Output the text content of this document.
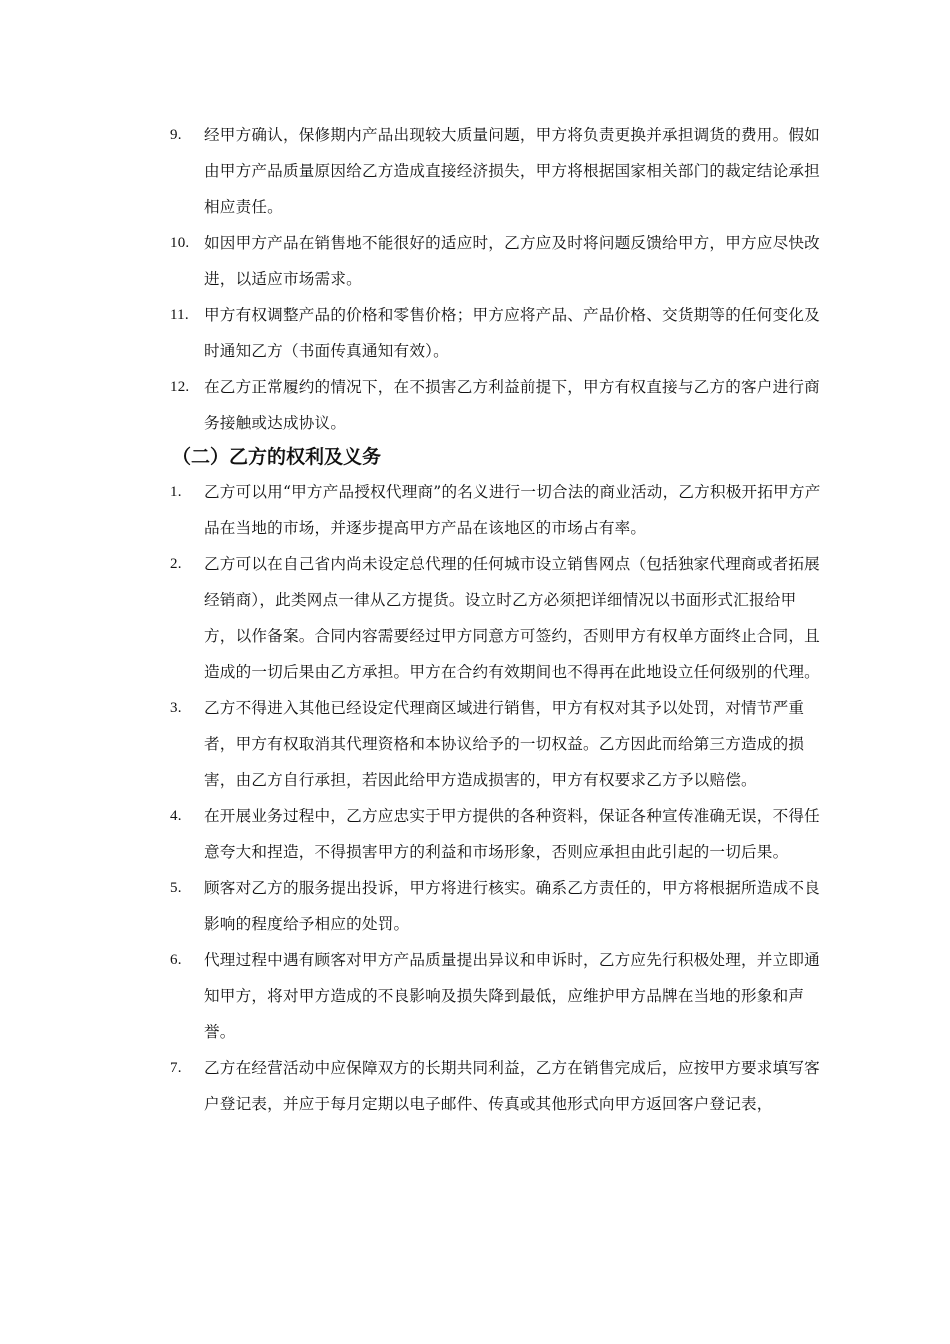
9. 经甲方确认，保修期内产品出现较大质量问题，甲方将负责更换并承担调货的费用。假如由甲方产品质量原因给乙方造成直接经济损失，甲方将根据国家相关部门的裁定结论承担相应责任。
10. 如因甲方产品在销售地不能很好的适应时，乙方应及时将问题反馈给甲方，甲方应尽快改进，以适应市场需求。
11. 甲方有权调整产品的价格和零售价格；甲方应将产品、产品价格、交货期等的任何变化及时通知乙方（书面传真通知有效）。
12. 在乙方正常履约的情况下，在不损害乙方利益前提下，甲方有权直接与乙方的客户进行商务接触或达成协议。
（二）乙方的权利及义务
1. 乙方可以用“甲方产品授权代理商”的名义进行一切合法的商业活动，乙方积极开拓甲方产品在当地的市场，并逐步提高甲方产品在该地区的市场占有率。
2. 乙方可以在自己省内尚未设定总代理的任何城市设立销售网点（包括独家代理商或者拓展经销商），此类网点一律从乙方提货。设立时乙方必须把详细情况以书面形式汇报给甲方，以作备案。合同内容需要经过甲方同意方可签约，否则甲方有权单方面终止合同，且造成的一切后果由乙方承担。甲方在合约有效期间也不得再在此地设立任何级别的代理。
3. 乙方不得进入其他已经设定代理商区域进行销售，甲方有权对其予以处罚，对情节严重者，甲方有权取消其代理资格和本协议给予的一切权益。乙方因此而给第三方造成的损害，由乙方自行承担，若因此给甲方造成损害的，甲方有权要求乙方予以赔偿。
4. 在开展业务过程中，乙方应忠实于甲方提供的各种资料，保证各种宣传准确无误，不得任意夸大和捏造，不得损害甲方的利益和市场形象，否则应承担由此引起的一切后果。
5. 顾客对乙方的服务提出投诉，甲方将进行核实。确系乙方责任的，甲方将根据所造成不良影响的程度给予相应的处罚。
6. 代理过程中遇有顾客对甲方产品质量提出异议和申诉时，乙方应先行积极处理，并立即通知甲方，将对甲方造成的不良影响及损失降到最低，应维护甲方品牌在当地的形象和声誉。
7. 乙方在经营活动中应保障双方的长期共同利益，乙方在销售完成后，应按甲方要求填写客户登记表，并应于每月定期以电子邮件、传真或其他形式向甲方返回客户登记表，
